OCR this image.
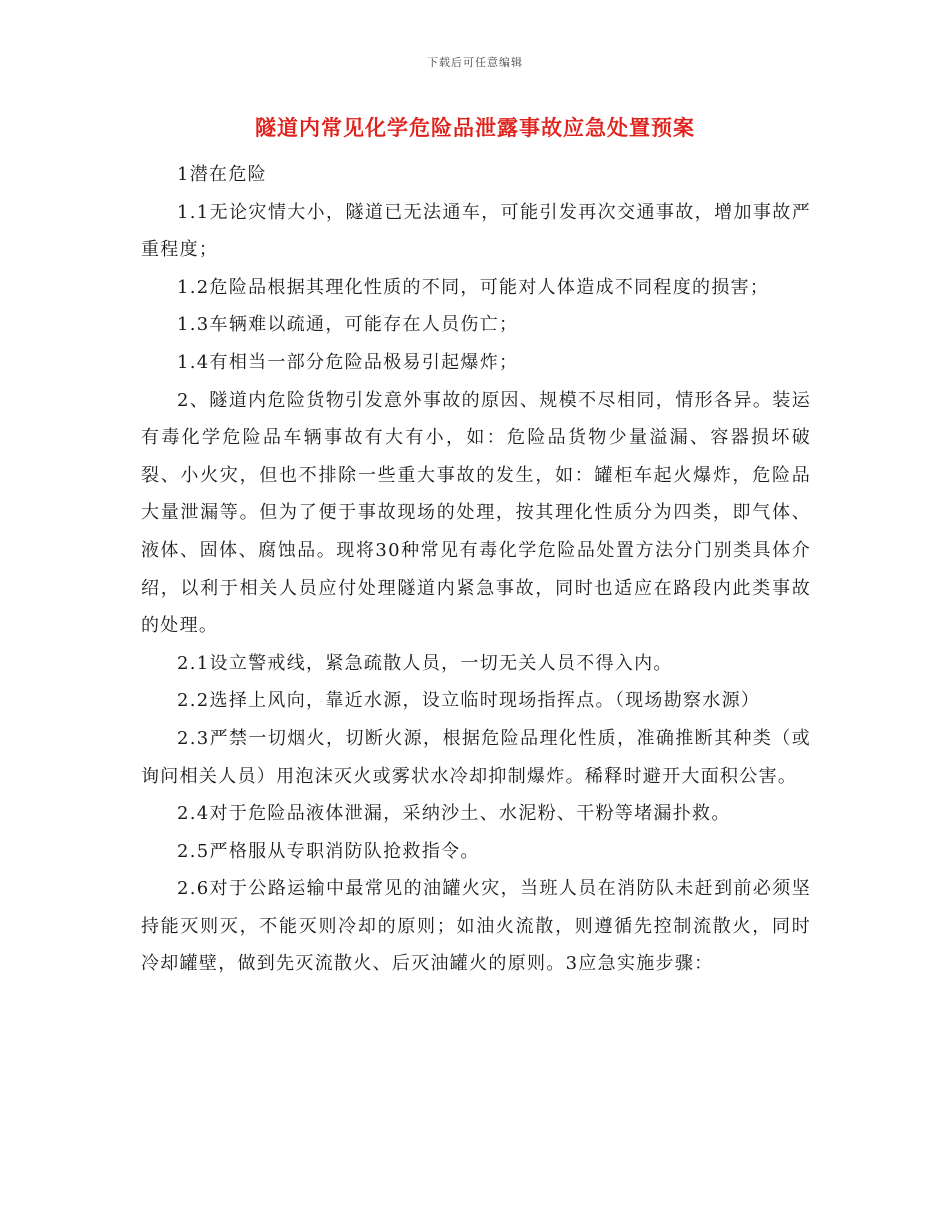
下载后可任意编辑
隧道内常见化学危险品泄露事故应急处置预案

1潜在危险

1.1无论灾情大小，隧道已无法通车，可能引发再次交通事故，增加事故严重程度；

1.2危险品根据其理化性质的不同，可能对人体造成不同程度的损害；

1.3车辆难以疏通，可能存在人员伤亡；

1.4有相当一部分危险品极易引起爆炸；

2、隧道内危险货物引发意外事故的原因、规模不尽相同，情形各异。装运有毒化学危险品车辆事故有大有小，如：危险品货物少量溢漏、容器损坏破裂、小火灾，但也不排除一些重大事故的发生，如：罐柜车起火爆炸，危险品大量泄漏等。但为了便于事故现场的处理，按其理化性质分为四类，即气体、液体、固体、腐蚀品。现将30种常见有毒化学危险品处置方法分门别类具体介绍，以利于相关人员应付处理隧道内紧急事故，同时也适应在路段内此类事故的处理。

2.1设立警戒线，紧急疏散人员，一切无关人员不得入内。

2.2选择上风向，靠近水源，设立临时现场指挥点。（现场勘察水源）

2.3严禁一切烟火，切断火源，根据危险品理化性质，准确推断其种类（或询问相关人员）用泡沫灭火或雾状水冷却抑制爆炸。稀释时避开大面积公害。

2.4对于危险品液体泄漏，采纳沙土、水泥粉、干粉等堵漏扑救。

2.5严格服从专职消防队抢救指令。

2.6对于公路运输中最常见的油罐火灾，当班人员在消防队未赶到前必须坚持能灭则灭，不能灭则冷却的原则；如油火流散，则遵循先控制流散火，同时冷却罐壁，做到先灭流散火、后灭油罐火的原则。3应急实施步骤：
